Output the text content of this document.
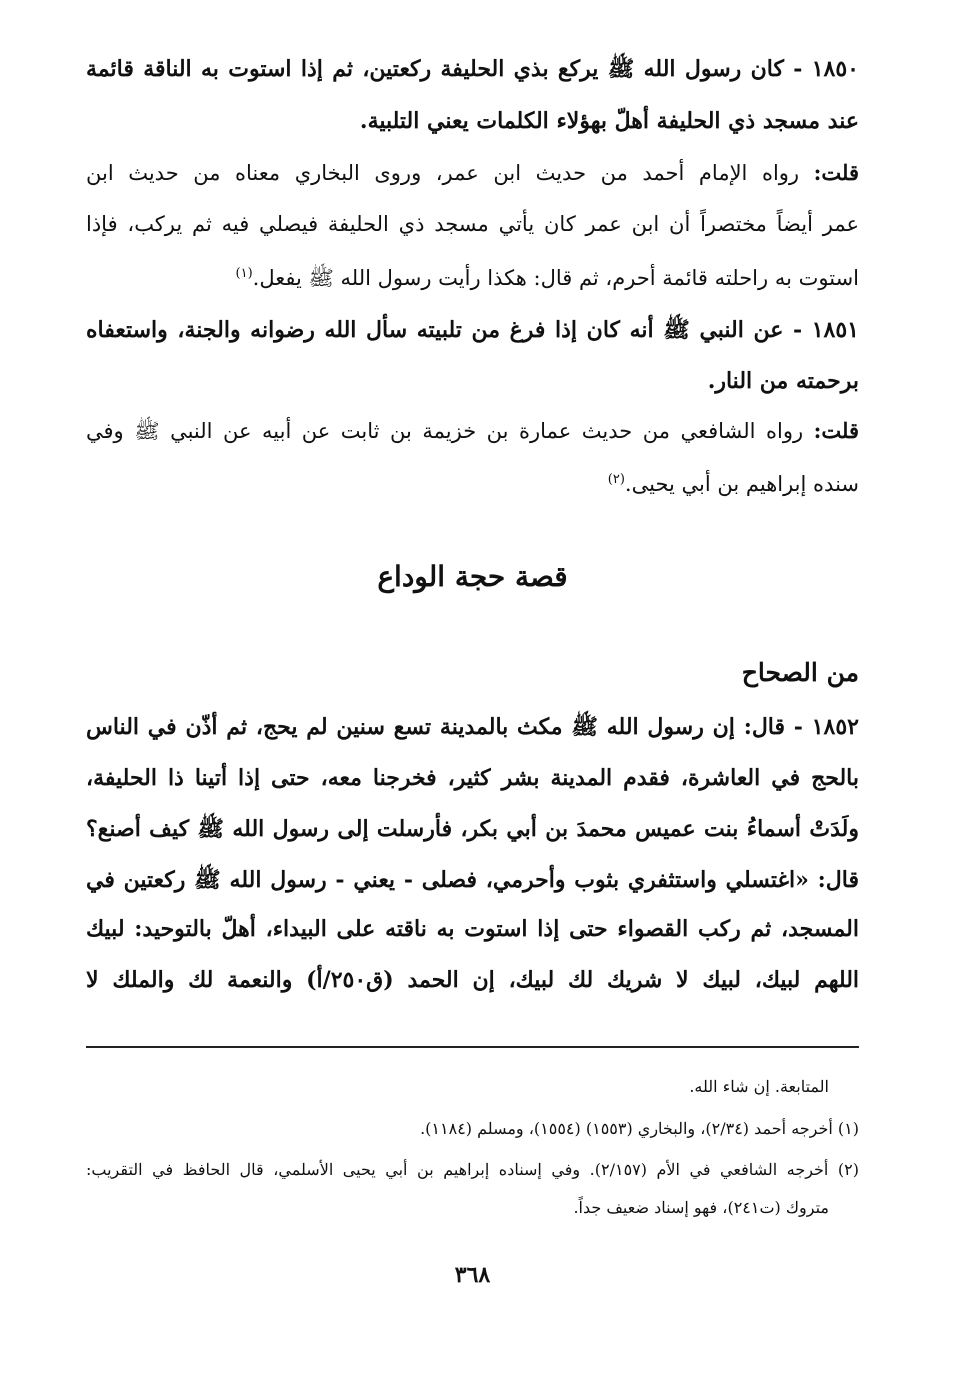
١٨٥٠ - كان رسول الله ﷺ يركع بذي الحليفة ركعتين، ثم إذا استوت به الناقة قائمة
عند مسجد ذي الحليفة أهلّ بهؤلاء الكلمات يعني التلبية.
قلت: رواه الإمام أحمد من حديث ابن عمر، وروى البخاري معناه من حديث ابن
عمر أيضاً مختصراً أن ابن عمر كان يأتي مسجد ذي الحليفة فيصلي فيه ثم يركب، فإذا
استوت به راحلته قائمة أحرم، ثم قال: هكذا رأيت رسول الله ﷺ يفعل.$^{(١)}$
١٨٥١ - عن النبي ﷺ أنه كان إذا فرغ من تلبيته سأل الله رضوانه والجنة، واستعفاه
برحمته من النار.
قلت: رواه الشافعي من حديث عمارة بن خزيمة بن ثابت عن أبيه عن النبي ﷺ وفي
سنده إبراهيم بن أبي يحيى.$^{(٢)}$
قصة حجة الوداع
من الصحاح
١٨٥٢ - قال: إن رسول الله ﷺ مكث بالمدينة تسع سنين لم يحج، ثم أذّن في الناس
بالحج في العاشرة، فقدم المدينة بشر كثير، فخرجنا معه، حتى إذا أتينا ذا الحليفة،
ولَدَتْ أسماءُ بنت عميس محمدَ بن أبي بكر، فأرسلت إلى رسول الله ﷺ كيف أصنع؟
قال: «اغتسلي واستثفري بثوب وأحرمي، فصلى - يعني - رسول الله ﷺ ركعتين في
المسجد، ثم ركب القصواء حتى إذا استوت به ناقته على البيداء، أهلّ بالتوحيد: لبيك
اللهم لبيك، لبيك لا شريك لك لبيك، إن الحمد (ق٢٥٠/أ) والنعمة لك والملك لا
المتابعة. إن شاء الله.
(١) أخرجه أحمد (٢/٣٤)، والبخاري (١٥٥٣) (١٥٥٤)، ومسلم (١١٨٤).
(٢) أخرجه الشافعي في الأم (٢/١٥٧). وفي إسناده إبراهيم بن أبي يحيى الأسلمي، قال الحافظ في التقريب:
متروك (ت٢٤١)، فهو إسناد ضعيف جداً.
٣٦٨
